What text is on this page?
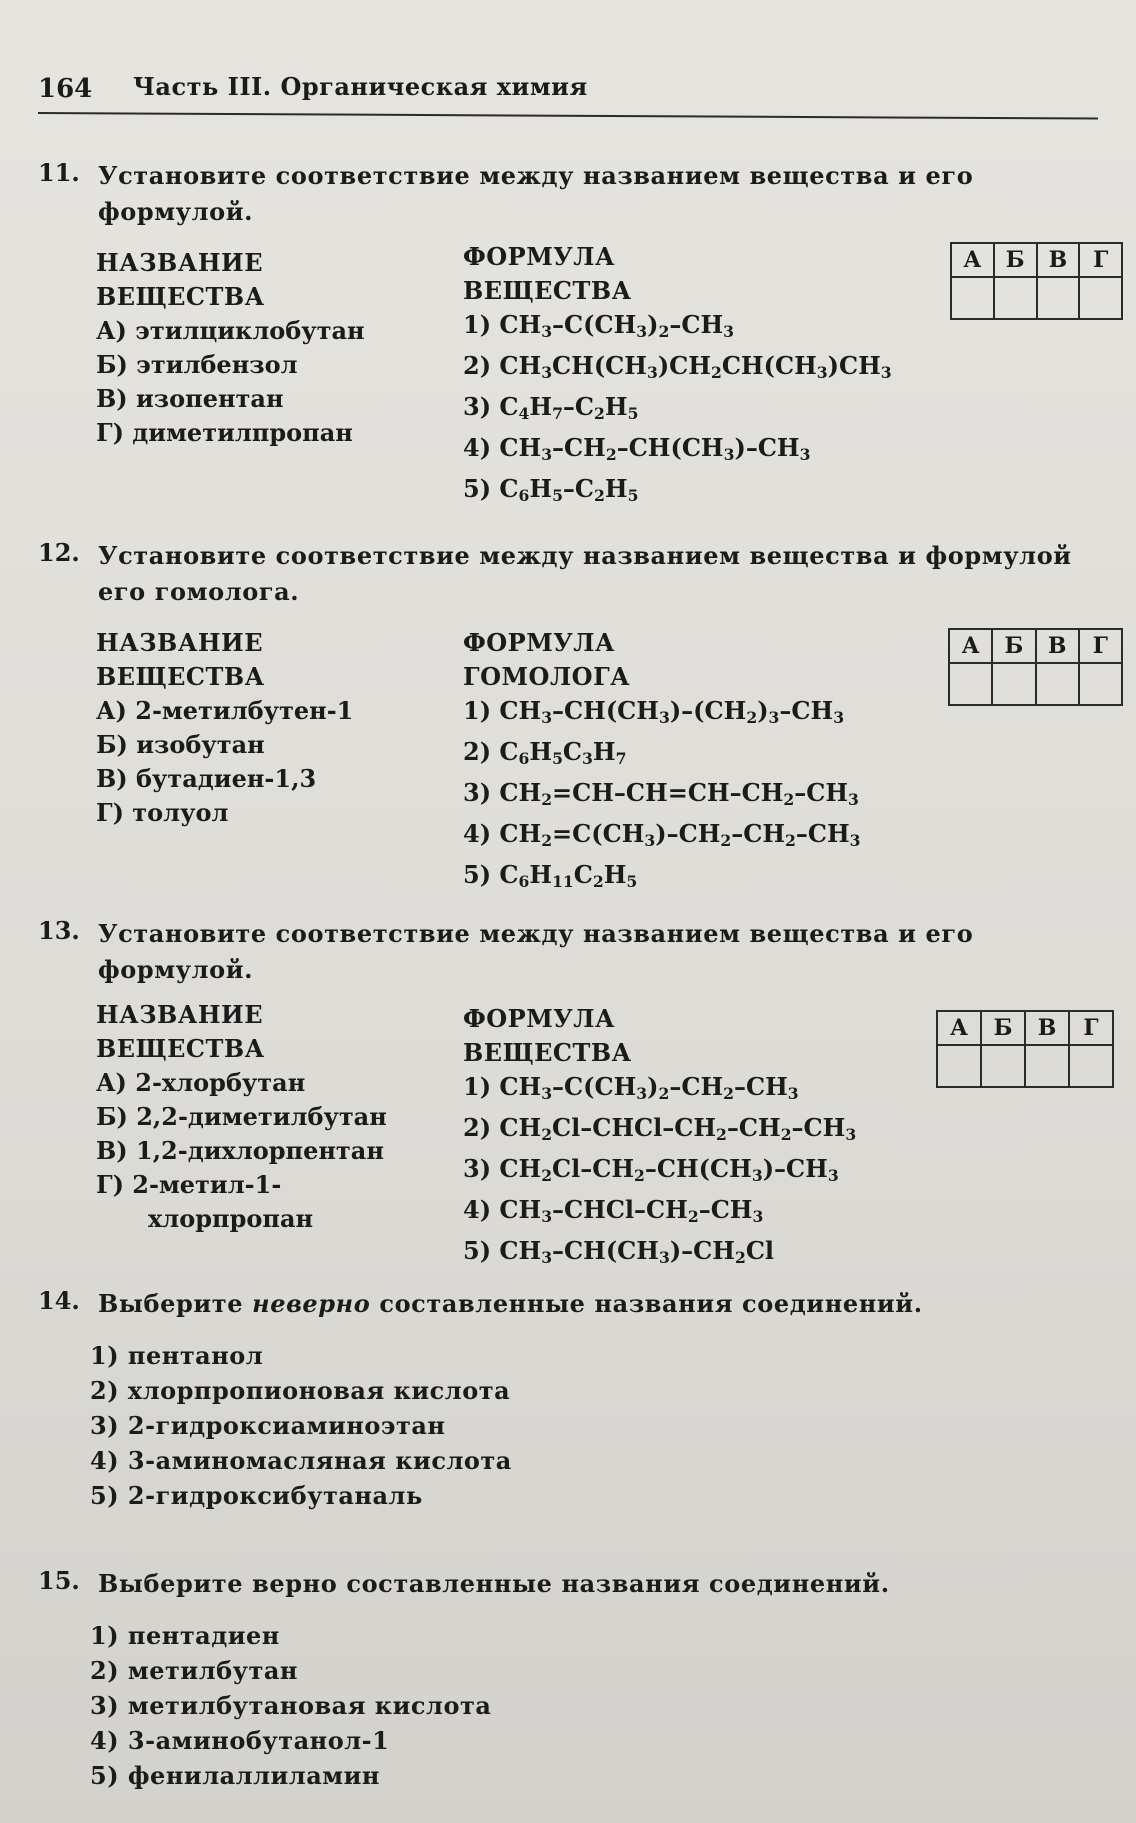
164 Часть III. Органическая химия
11. Установите соответствие между названием вещества и его формулой.
НАЗВАНИЕ
ВЕЩЕСТВА
А) этилциклобутан
Б) этилбензол
В) изопентан
Г) диметилпропан
ФОРМУЛА
ВЕЩЕСТВА
1) $CH_3-C(CH_3)_2-CH_3$
2) $CH_3CH(CH_3)CH_2CH(CH_3)CH_3$
3) $C_4H_7-C_2H_5$
4) $CH_3-CH_2-CH(CH_3)-CH_3$
5) $C_6H_5-C_2H_5$
А	Б	В	Г

12. Установите соответствие между названием вещества и формулой его гомолога.
НАЗВАНИЕ
ВЕЩЕСТВА
А) 2-метилбутен-1
Б) изобутан
В) бутадиен-1,3
Г) толуол
ФОРМУЛА
ГОМОЛОГА
1) $CH_3-CH(CH_3)-(CH_2)_3-CH_3$
2) $C_6H_5C_3H_7$
3) $CH_2=CH-CH=CH-CH_2-CH_3$
4) $CH_2=C(CH_3)-CH_2-CH_2-CH_3$
5) $C_6H_{11}C_2H_5$
А	Б	В	Г

13. Установите соответствие между названием вещества и его формулой.
НАЗВАНИЕ
ВЕЩЕСТВА
А) 2-хлорбутан
Б) 2,2-диметилбутан
В) 1,2-дихлорпентан
Г) 2-метил-1-
хлорпропан
ФОРМУЛА
ВЕЩЕСТВА
1) $CH_3-C(CH_3)_2-CH_2-CH_3$
2) $CH_2Cl-CHCl-CH_2-CH_2-CH_3$
3) $CH_2Cl-CH_2-CH(CH_3)-CH_3$
4) $CH_3-CHCl-CH_2-CH_3$
5) $CH_3-CH(CH_3)-CH_2Cl$
А	Б	В	Г

14. Выберите неверно составленные названия соединений.
1) пентанол
2) хлорпропионовая кислота
3) 2-гидроксиаминоэтан
4) 3-аминомасляная кислота
5) 2-гидроксибутаналь
15. Выберите верно составленные названия соединений.
1) пентадиен
2) метилбутан
3) метилбутановая кислота
4) 3-аминобутанол-1
5) фенилаллиламин
